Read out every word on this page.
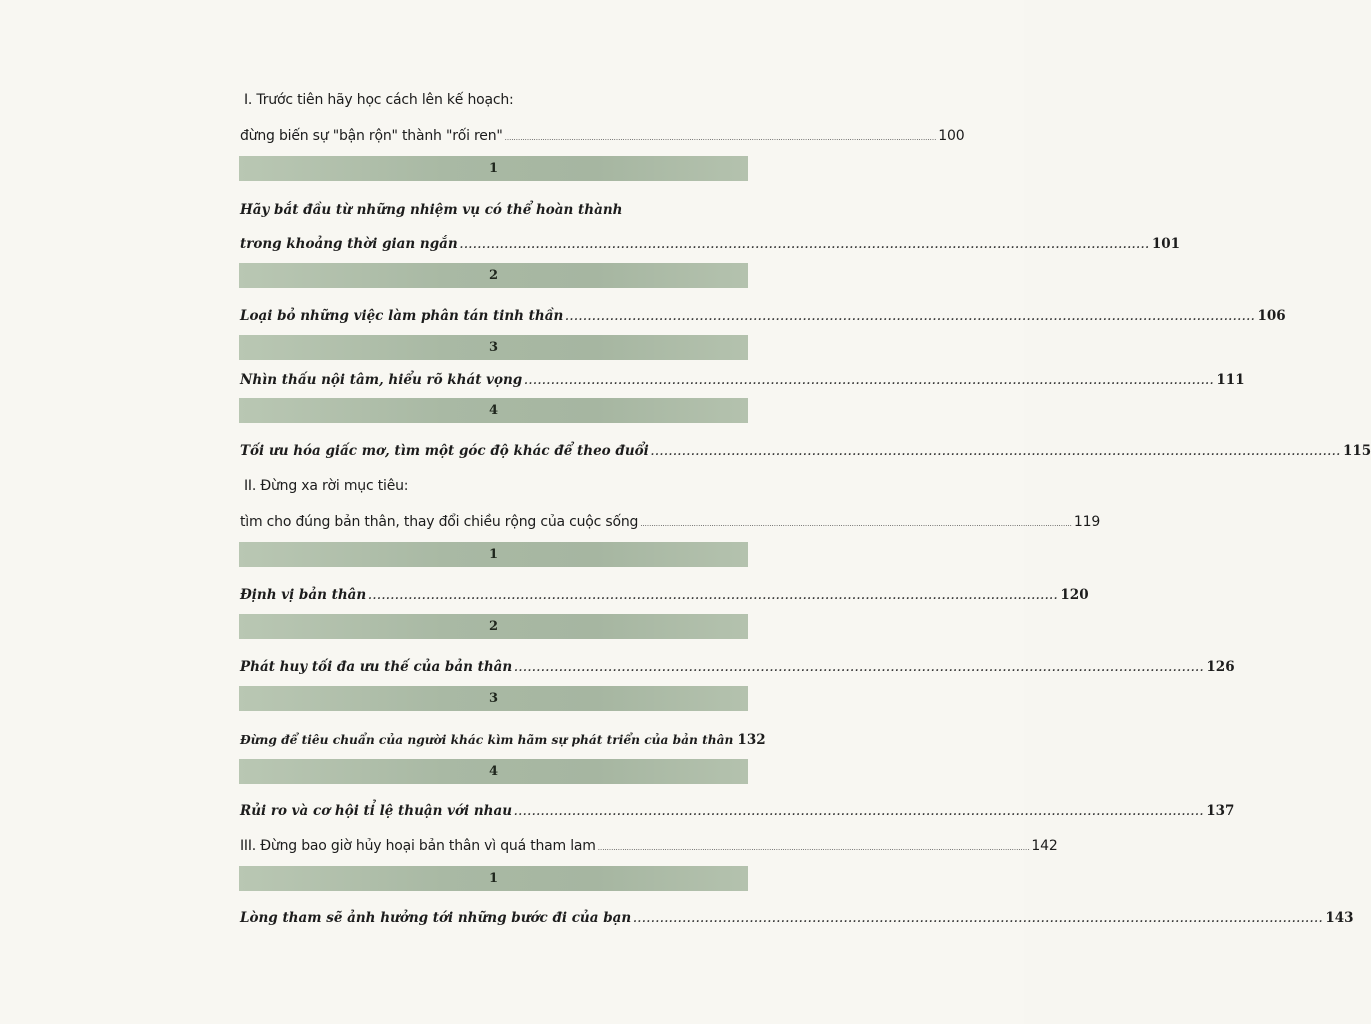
I. Trước tiên hãy học cách lên kế hoạch:
đừng biến sự "bận rộn" thành "rối ren" .................................................................................................................................................................................................. 100
1
Hãy bắt đầu từ những nhiệm vụ có thể hoàn thành
trong khoảng thời gian ngắn .......................................................................................................................................................... 101
2
Loại bỏ những việc làm phân tán tinh thần .......................................................................................................................................................... 106
3
Nhìn thấu nội tâm, hiểu rõ khát vọng .......................................................................................................................................................... 111
4
Tối ưu hóa giấc mơ, tìm một góc độ khác để theo đuổi .......................................................................................................................................................... 115
II. Đừng xa rời mục tiêu:
tìm cho đúng bản thân, thay đổi chiều rộng của cuộc sống .................................................................................................................................................................................................. 119
1
Định vị bản thân .......................................................................................................................................................... 120
2
Phát huy tối đa ưu thế của bản thân .......................................................................................................................................................... 126
3
Đừng để tiêu chuẩn của người khác kìm hãm sự phát triển của bản thân 132
4
Rủi ro và cơ hội tỉ lệ thuận với nhau .......................................................................................................................................................... 137
III. Đừng bao giờ hủy hoại bản thân vì quá tham lam .................................................................................................................................................................................................. 142
1
Lòng tham sẽ ảnh hưởng tới những bước đi của bạn .......................................................................................................................................................... 143
